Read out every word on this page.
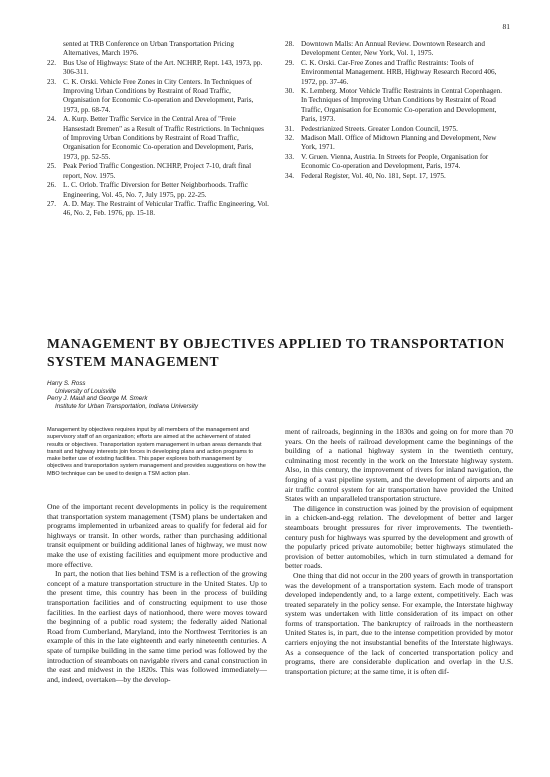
81
sented at TRB Conference on Urban Transportation Pricing Alternatives, March 1976.
22. Bus Use of Highways: State of the Art. NCHRP, Rept. 143, 1973, pp. 306-311.
23. C. K. Orski. Vehicle Free Zones in City Centers. In Techniques of Improving Urban Conditions by Restraint of Road Traffic, Organisation for Economic Co-operation and Development, Paris, 1973, pp. 68-74.
24. A. Kurp. Better Traffic Service in the Central Area of "Freie Hansestadt Bremen" as a Result of Traffic Restrictions. In Techniques of Improving Urban Conditions by Restraint of Road Traffic, Organisation for Economic Co-operation and Development, Paris, 1973, pp. 52-55.
25. Peak Period Traffic Congestion. NCHRP, Project 7-10, draft final report, Nov. 1975.
26. L. C. Orlob. Traffic Diversion for Better Neighborhoods. Traffic Engineering, Vol. 45, No. 7, July 1975, pp. 22-25.
27. A. D. May. The Restraint of Vehicular Traffic. Traffic Engineering, Vol. 46, No. 2, Feb. 1976, pp. 15-18.
28. Downtown Malls: An Annual Review. Downtown Research and Development Center, New York, Vol. 1, 1975.
29. C. K. Orski. Car-Free Zones and Traffic Restraints: Tools of Environmental Management. HRB, Highway Research Record 406, 1972, pp. 37-46.
30. K. Lemberg. Motor Vehicle Traffic Restraints in Central Copenhagen. In Techniques of Improving Urban Conditions by Restraint of Road Traffic, Organisation for Economic Co-operation and Development, Paris, 1973.
31. Pedestrianized Streets. Greater London Council, 1975.
32. Madison Mall. Office of Midtown Planning and Development, New York, 1971.
33. V. Gruen. Vienna, Austria. In Streets for People, Organisation for Economic Co-operation and Development, Paris, 1974.
34. Federal Register, Vol. 40, No. 181, Sept. 17, 1975.
MANAGEMENT BY OBJECTIVES APPLIED TO TRANSPORTATION SYSTEM MANAGEMENT
Harry S. Ross
University of Louisville
Perry J. Maull and George M. Smerk
Institute for Urban Transportation, Indiana University

Management by objectives requires input by all members of the management and supervisory staff of an organization; efforts are aimed at the achievement of stated results or objectives. Transportation system management in urban areas demands that transit and highway interests join forces in developing plans and action programs to make better use of existing facilities. This paper explores both management by objectives and transportation system management and provides suggestions on how the MBO technique can be used to design a TSM action plan.

One of the important recent developments in policy is the requirement that transportation system management (TSM) plans be undertaken and programs implemented in urbanized areas to qualify for federal aid for highways or transit. In other words, rather than purchasing additional transit equipment or building additional lanes of highway, we must now make the use of existing facilities and equipment more productive and more effective.

In part, the notion that lies behind TSM is a reflection of the growing concept of a mature transportation structure in the United States. Up to the present time, this country has been in the process of building transportation facilities and of constructing equipment to use those facilities. In the earliest days of nationhood, there were moves toward the beginning of a public road system; the federally aided National Road from Cumberland, Maryland, into the Northwest Territories is an example of this in the late eighteenth and early nineteenth centuries. A spate of turnpike building in the same time period was followed by the introduction of steamboats on navigable rivers and canal construction in the east and midwest in the 1820s. This was followed immediately—and, indeed, overtaken—by the develop-

ment of railroads, beginning in the 1830s and going on for more than 70 years. On the heels of railroad development came the beginnings of the building of a national highway system in the twentieth century, culminating most recently in the work on the Interstate highway system. Also, in this century, the improvement of rivers for inland navigation, the forging of a vast pipeline system, and the development of airports and an air traffic control system for air transportation have provided the United States with an unparalleled transportation structure.

The diligence in construction was joined by the provision of equipment in a chicken-and-egg relation. The development of better and larger steamboats brought pressures for river improvements. The twentieth-century push for highways was spurred by the development and growth of the popularly priced private automobile; better highways stimulated the provision of better automobiles, which in turn stimulated a demand for better roads.

One thing that did not occur in the 200 years of growth in transportation was the development of a transportation system. Each mode of transport developed independently and, to a large extent, competitively. Each was treated separately in the policy sense. For example, the Interstate highway system was undertaken with little consideration of its impact on other forms of transportation. The bankruptcy of railroads in the northeastern United States is, in part, due to the intense competition provided by motor carriers enjoying the not insubstantial benefits of the Interstate highways. As a consequence of the lack of concerted transportation policy and programs, there are considerable duplication and overlap in the U.S. transportation picture; at the same time, it is often dif-
